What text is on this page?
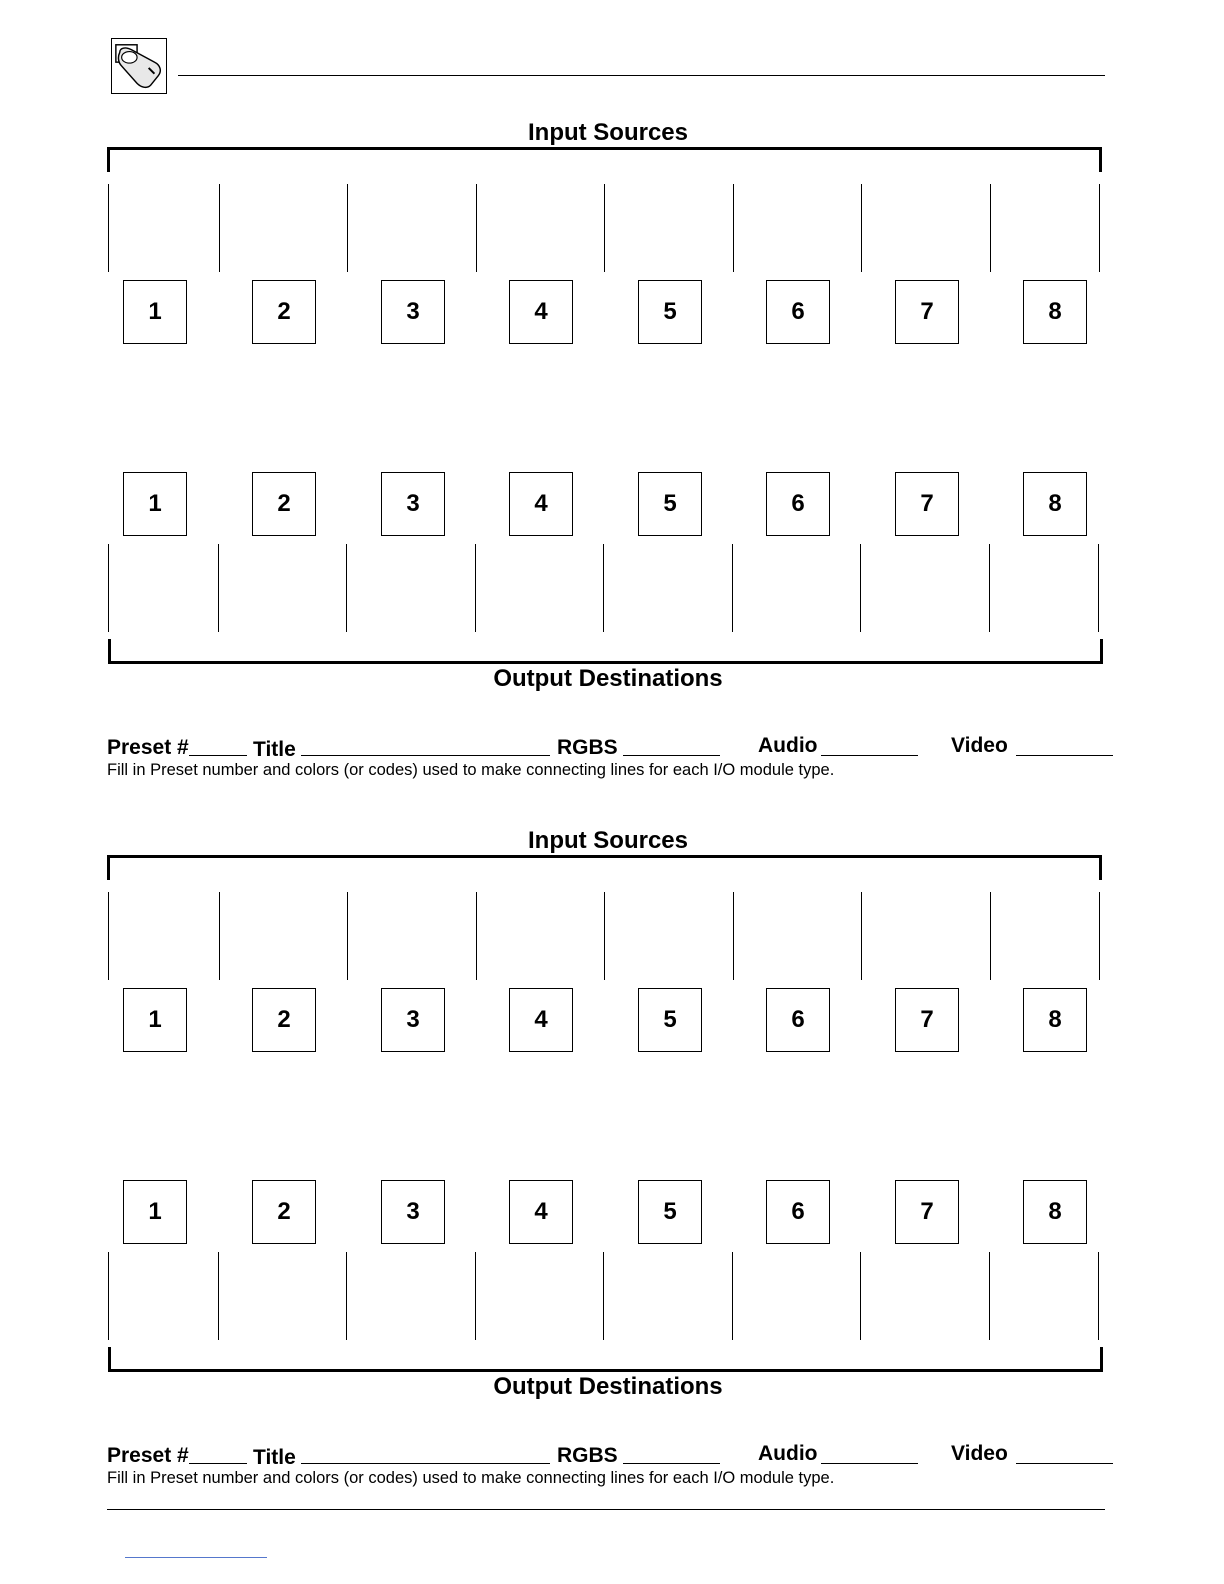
Input Sources
1	2	3	4	5	6	7	8
1	2	3	4	5	6	7	8
Output Destinations
Preset #	Title	RGBS	Audio	Video
Fill in Preset number and colors (or codes) used to make connecting lines for each I/O module type.
Input Sources
1	2	3	4	5	6	7	8
1	2	3	4	5	6	7	8
Output Destinations
Preset #	Title	RGBS	Audio	Video
Fill in Preset number and colors (or codes) used to make connecting lines for each I/O module type.
